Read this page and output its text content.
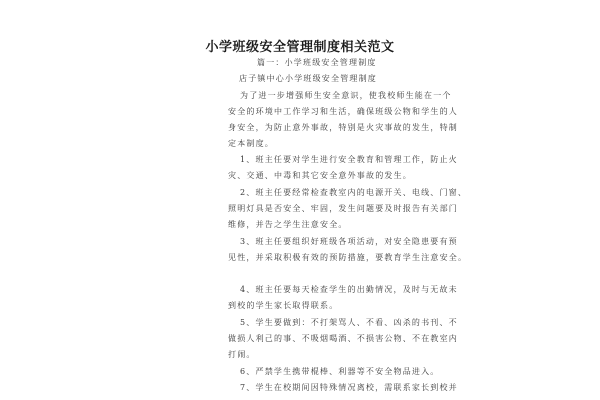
小学班级安全管理制度相关范文
篇一：小学班级安全管理制度
店子镇中心小学班级安全管理制度
为了进一步增强师生安全意识，使我校师生能在一个
安全的环境中工作学习和生活，确保班级公物和学生的人
身安全，为防止意外事故，特别是火灾事故的发生，特制
定本制度。
1、班主任要对学生进行安全教育和管理工作，防止火
灾、交通、中毒和其它安全意外事故的发生。
2、班主任要经常检查教室内的电源开关、电线、门窗、
照明灯具是否安全、牢固，发生问题要及时报告有关部门
维修，并告之学生注意安全。
3、班主任要组织好班级各项活动，对安全隐患要有预
见性，并采取积极有效的预防措施，要教育学生注意安全。
4、班主任要每天检查学生的出勤情况，及时与无故未
到校的学生家长取得联系。
5、学生要做到：不打架骂人、不看、凶杀的书刊、不
做损人利己的事、不吸烟喝酒、不损害公物、不在教室内
打闹。
6、严禁学生携带棍棒、利器等不安全物品进入。
7、学生在校期间因特殊情况离校，需联系家长到校并
